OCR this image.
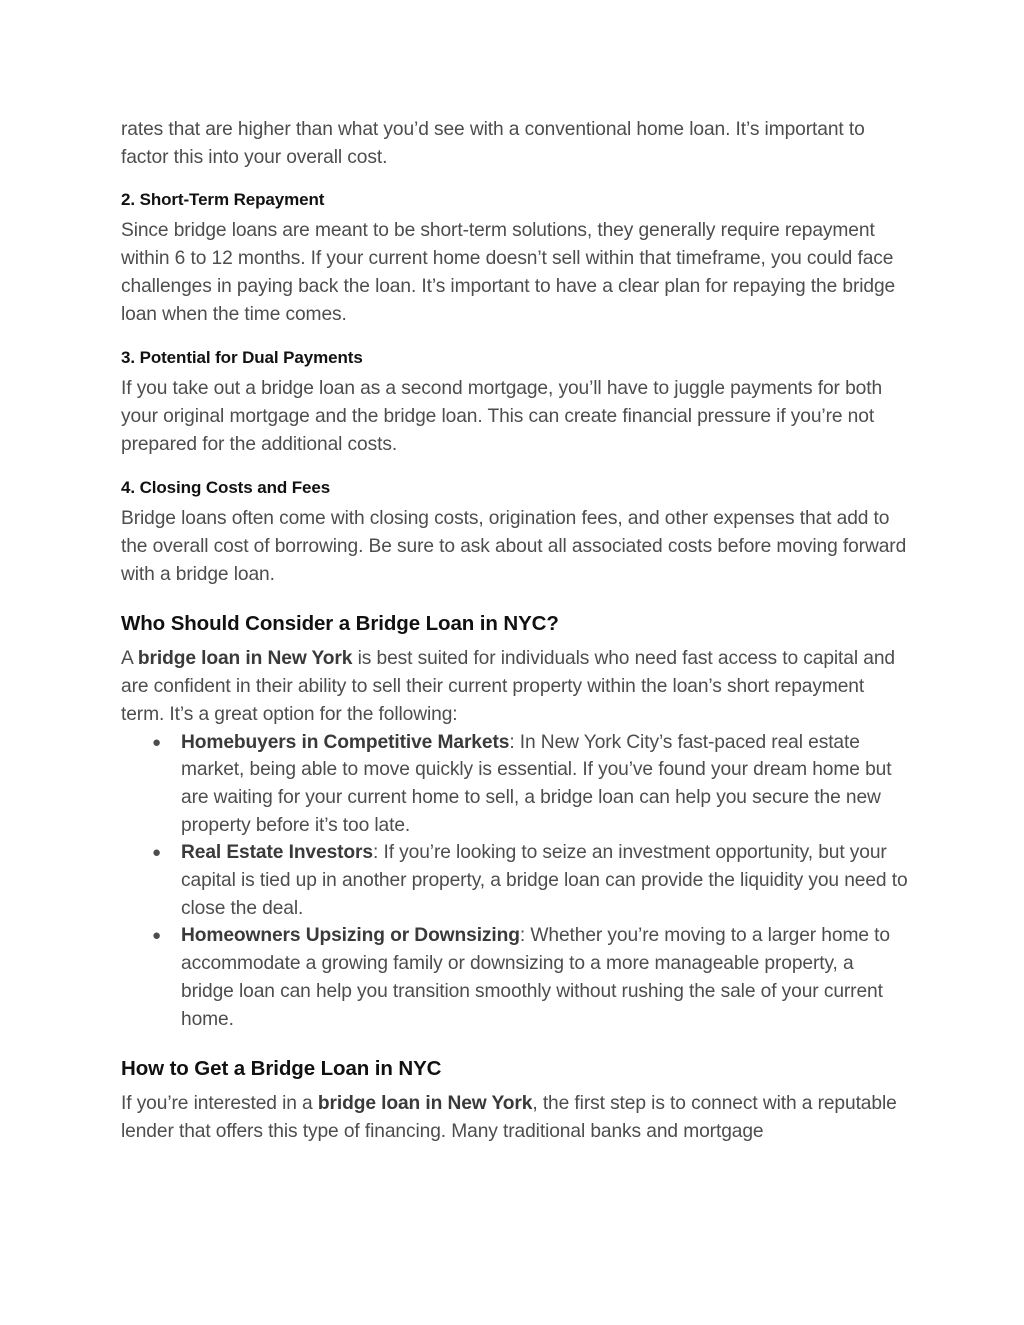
rates that are higher than what you’d see with a conventional home loan. It’s important to factor this into your overall cost.

2. Short-Term Repayment

Since bridge loans are meant to be short-term solutions, they generally require repayment within 6 to 12 months. If your current home doesn’t sell within that timeframe, you could face challenges in paying back the loan. It’s important to have a clear plan for repaying the bridge loan when the time comes.

3. Potential for Dual Payments

If you take out a bridge loan as a second mortgage, you’ll have to juggle payments for both your original mortgage and the bridge loan. This can create financial pressure if you’re not prepared for the additional costs.

4. Closing Costs and Fees

Bridge loans often come with closing costs, origination fees, and other expenses that add to the overall cost of borrowing. Be sure to ask about all associated costs before moving forward with a bridge loan.

Who Should Consider a Bridge Loan in NYC?

A bridge loan in New York is best suited for individuals who need fast access to capital and are confident in their ability to sell their current property within the loan’s short repayment term. It’s a great option for the following:

● Homebuyers in Competitive Markets: In New York City’s fast-paced real estate market, being able to move quickly is essential. If you’ve found your dream home but are waiting for your current home to sell, a bridge loan can help you secure the new property before it’s too late.
● Real Estate Investors: If you’re looking to seize an investment opportunity, but your capital is tied up in another property, a bridge loan can provide the liquidity you need to close the deal.
● Homeowners Upsizing or Downsizing: Whether you’re moving to a larger home to accommodate a growing family or downsizing to a more manageable property, a bridge loan can help you transition smoothly without rushing the sale of your current home.
How to Get a Bridge Loan in NYC

If you’re interested in a bridge loan in New York, the first step is to connect with a reputable lender that offers this type of financing. Many traditional banks and mortgage
